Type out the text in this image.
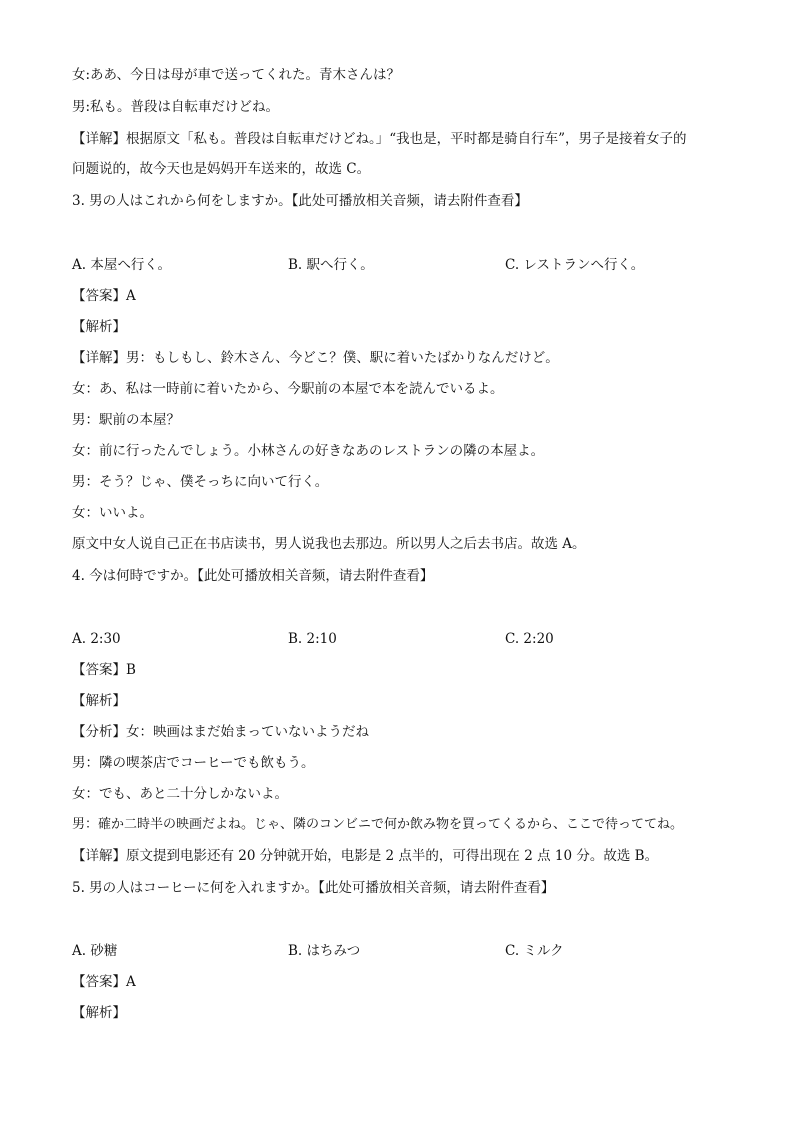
女:ああ、今日は母が車で送ってくれた。青木さんは？
男:私も。普段は自転車だけどね。
【详解】根据原文「私も。普段は自転車だけどね。」“我也是，平时都是骑自行车”，男子是接着女子的
问题说的，故今天也是妈妈开车送来的，故选 C。
3. 男の人はこれから何をしますか。【此处可播放相关音频，请去附件查看】
A. 本屋へ行く。	B. 駅へ行く。	C. レストランへ行く。
【答案】A
【解析】
【详解】男：もしもし、鈴木さん、今どこ？僕、駅に着いたばかりなんだけど。
女：あ、私は一時前に着いたから、今駅前の本屋で本を読んでいるよ。
男：駅前の本屋？
女：前に行ったんでしょう。小林さんの好きなあのレストランの隣の本屋よ。
男：そう？じゃ、僕そっちに向いて行く。
女：いいよ。
原文中女人说自己正在书店读书，男人说我也去那边。所以男人之后去书店。故选 A。
4. 今は何時ですか。【此处可播放相关音频，请去附件查看】
A. 2:30	B. 2:10	C. 2:20
【答案】B
【解析】
【分析】女：映画はまだ始まっていないようだね
男：隣の喫茶店でコーヒーでも飲もう。
女：でも、あと二十分しかないよ。
男：確か二時半の映画だよね。じゃ、隣のコンビニで何か飲み物を買ってくるから、ここで待っててね。
【详解】原文提到电影还有 20 分钟就开始，电影是 2 点半的，可得出现在 2 点 10 分。故选 B。
5. 男の人はコーヒーに何を入れますか。【此处可播放相关音频，请去附件查看】
A. 砂糖	B. はちみつ	C. ミルク
【答案】A
【解析】
